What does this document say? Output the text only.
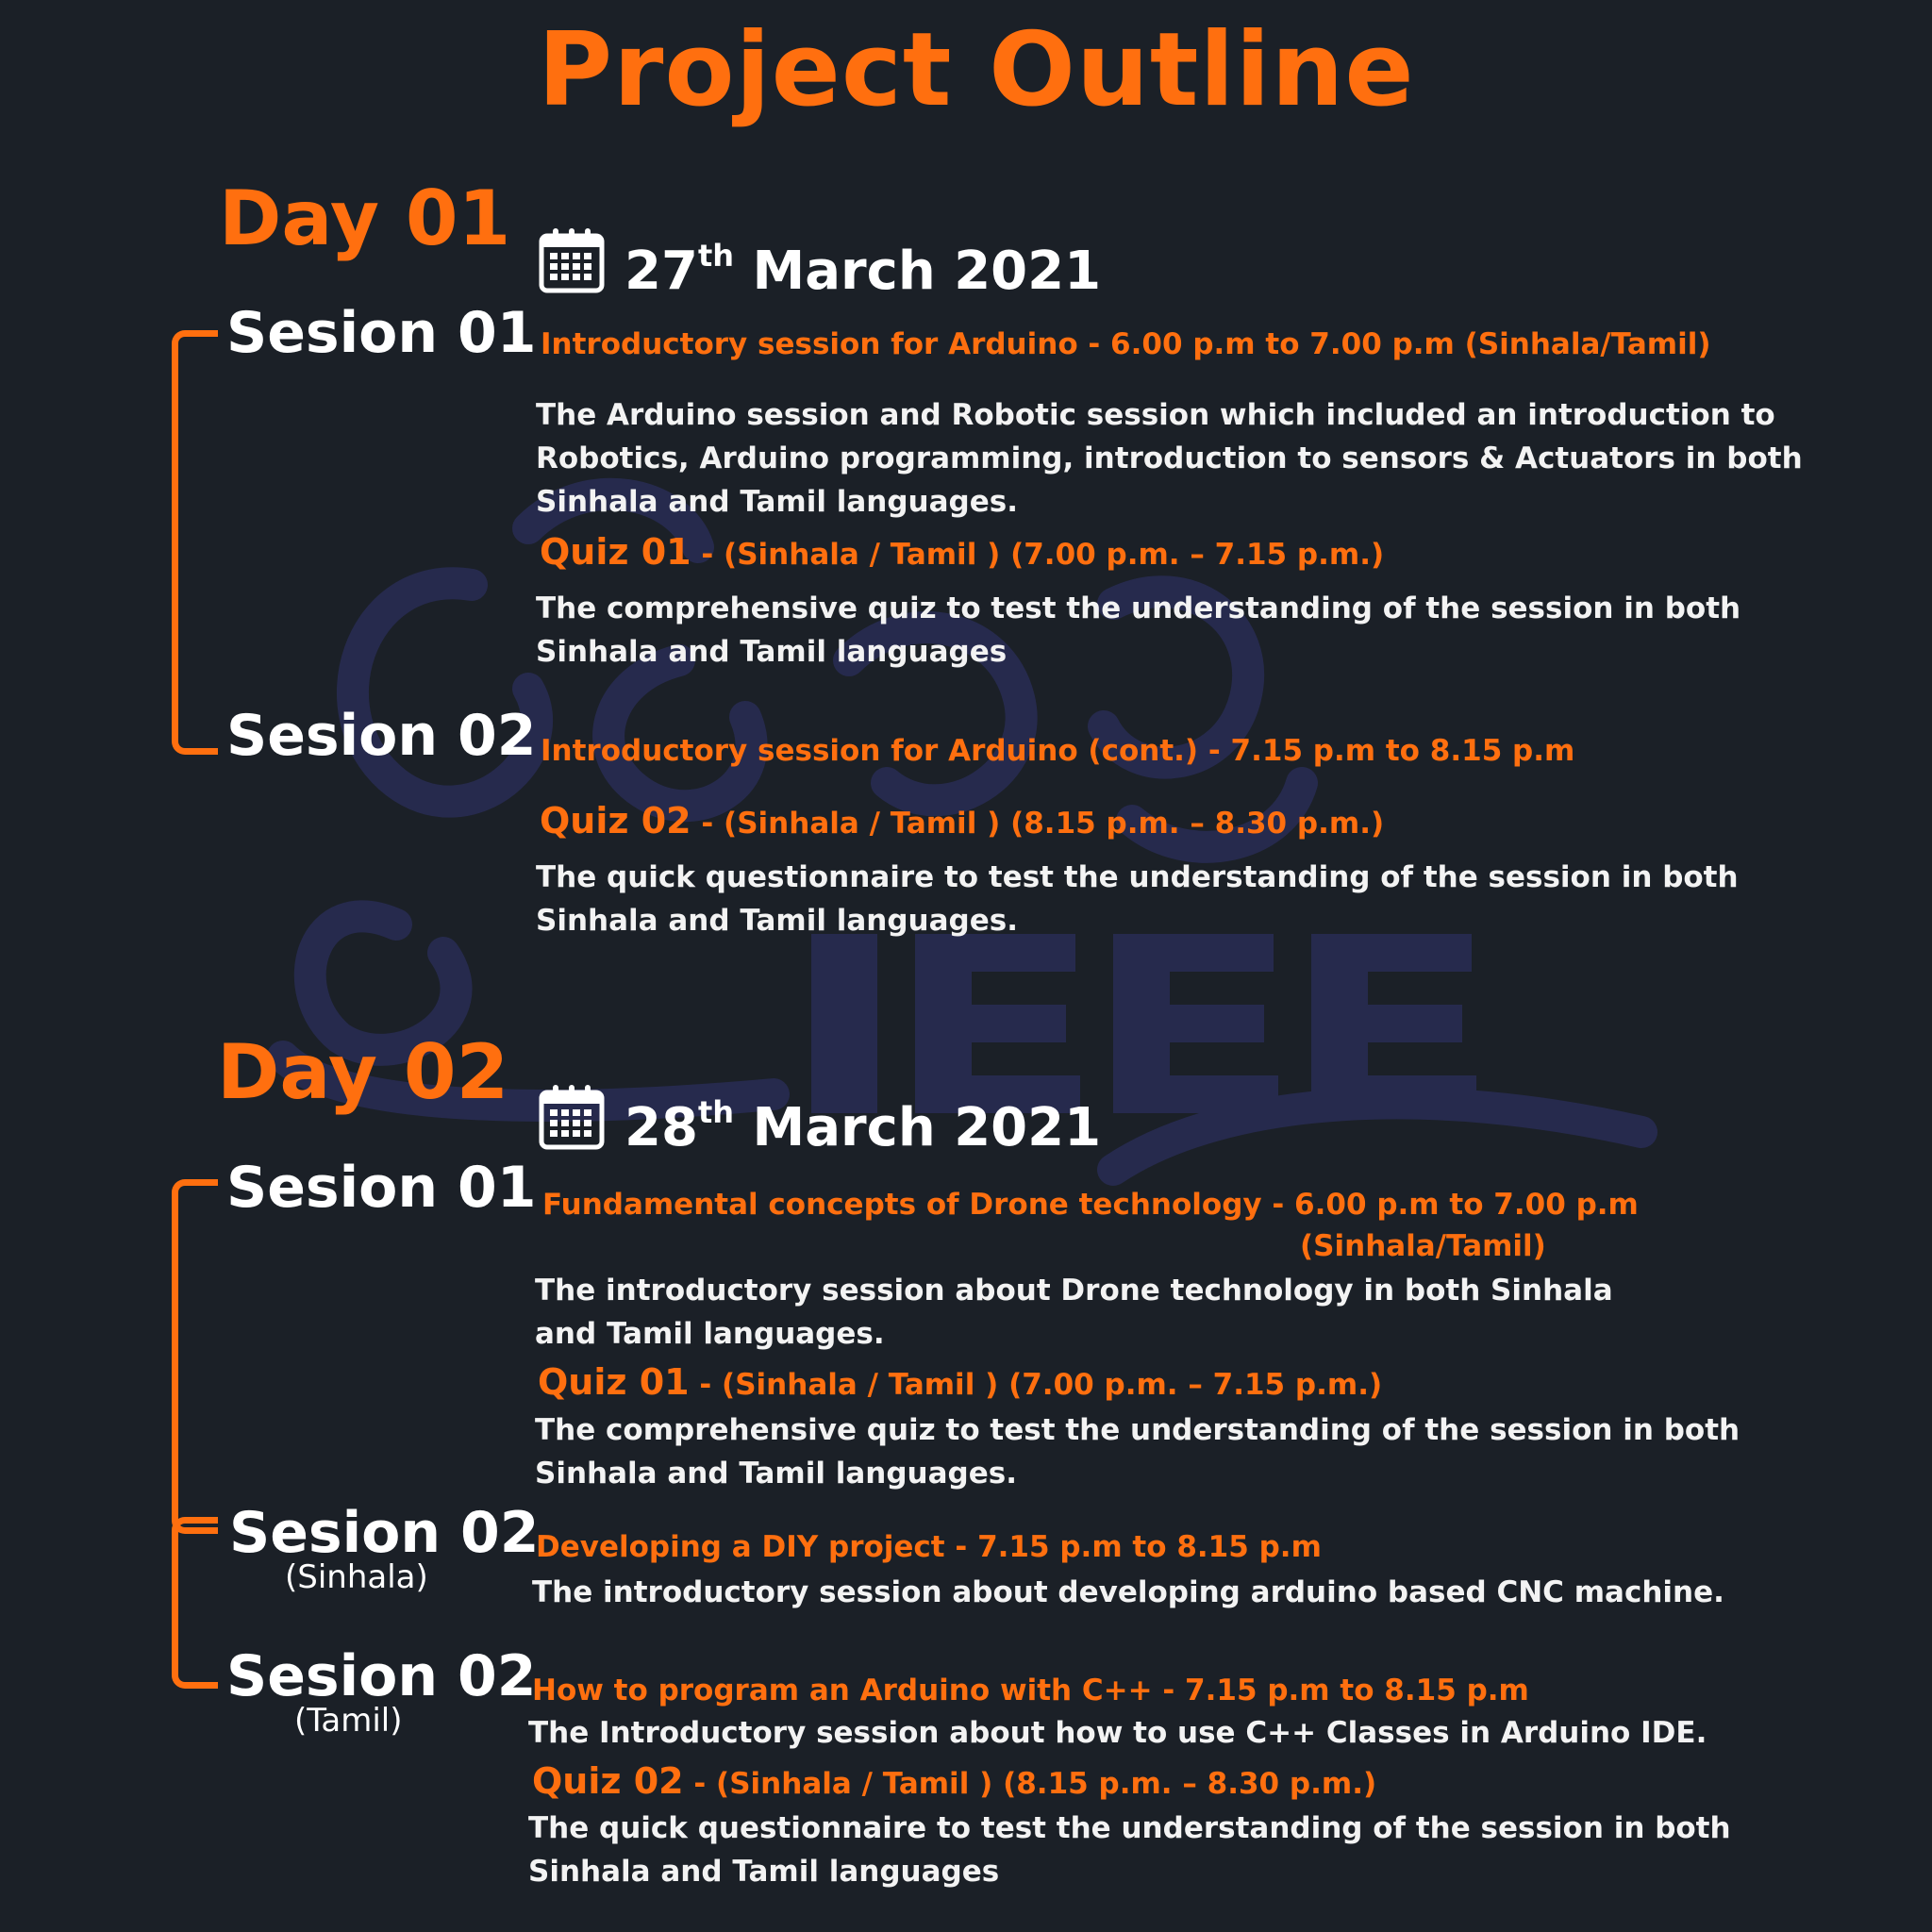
Project Outline
Day 01
27th March 2021
Sesion 01 Introductory session for Arduino - 6.00 p.m to 7.00 p.m (Sinhala/Tamil)
The Arduino session and Robotic session which included an introduction to
Robotics, Arduino programming, introduction to sensors & Actuators in both
Sinhala and Tamil languages.
Quiz 01 - (Sinhala / Tamil ) (7.00 p.m. – 7.15 p.m.)
The comprehensive quiz to test the understanding of the session in both
Sinhala and Tamil languages
Sesion 02 Introductory session for Arduino (cont.) - 7.15 p.m to 8.15 p.m
Quiz 02 - (Sinhala / Tamil ) (8.15 p.m. – 8.30 p.m.)
The quick questionnaire to test the understanding of the session in both
Sinhala and Tamil languages.
Day 02
28th March 2021
Sesion 01 Fundamental concepts of Drone technology - 6.00 p.m to 7.00 p.m
(Sinhala/Tamil)
The introductory session about Drone technology in both Sinhala
and Tamil languages.
Quiz 01 - (Sinhala / Tamil ) (7.00 p.m. – 7.15 p.m.)
The comprehensive quiz to test the understanding of the session in both
Sinhala and Tamil languages.
Sesion 02
(Sinhala)
Developing a DIY project - 7.15 p.m to 8.15 p.m
The introductory session about developing arduino based CNC machine.
Sesion 02
(Tamil)
How to program an Arduino with C++ - 7.15 p.m to 8.15 p.m
The Introductory session about how to use C++ Classes in Arduino IDE.
Quiz 02 - (Sinhala / Tamil ) (8.15 p.m. – 8.30 p.m.)
The quick questionnaire to test the understanding of the session in both
Sinhala and Tamil languages
